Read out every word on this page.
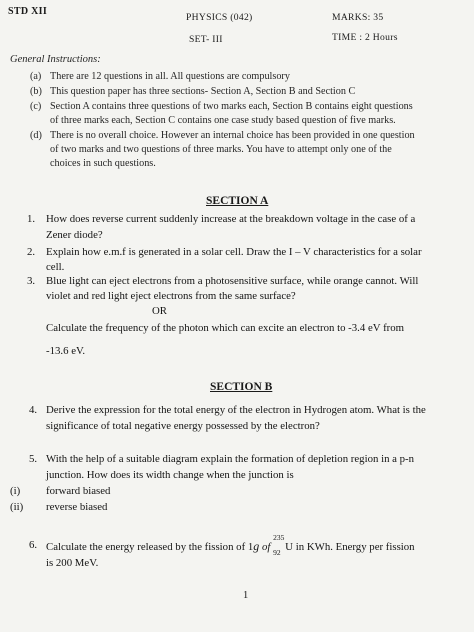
STD XII
PHYSICS (042)	MARKS: 35
SET- III	TIME : 2 Hours
General Instructions:
(a) There are 12 questions in all. All questions are compulsory
(b) This question paper has three sections- Section A, Section B and Section C
(c) Section A contains three questions of two marks each, Section B contains eight questions
of three marks each, Section C contains one case study based question of five marks.
(d) There is no overall choice. However an internal choice has been provided in one question
of two marks and two questions of three marks. You have to attempt only one of the
choices in such questions.
SECTION A
1. How does reverse current suddenly increase at the breakdown voltage in the case of a
Zener diode?
2. Explain how e.m.f is generated in a solar cell. Draw the I – V characteristics for a solar
cell.
3. Blue light can eject electrons from a photosensitive surface, while orange cannot. Will
violet and red light eject electrons from the same surface?
OR
Calculate the frequency of the photon which can excite an electron to -3.4 eV from
-13.6 eV.
SECTION B
4. Derive the expression for the total energy of the electron in Hydrogen atom. What is the
significance of total negative energy possessed by the electron?
5. With the help of a suitable diagram explain the formation of depletion region in a p-n
junction. How does its width change when the junction is
(i) forward biased
(ii) reverse biased
6. Calculate the energy released by the fission of 1g of
235
92 U in KWh. Energy per fission
is 200 MeV.
1
